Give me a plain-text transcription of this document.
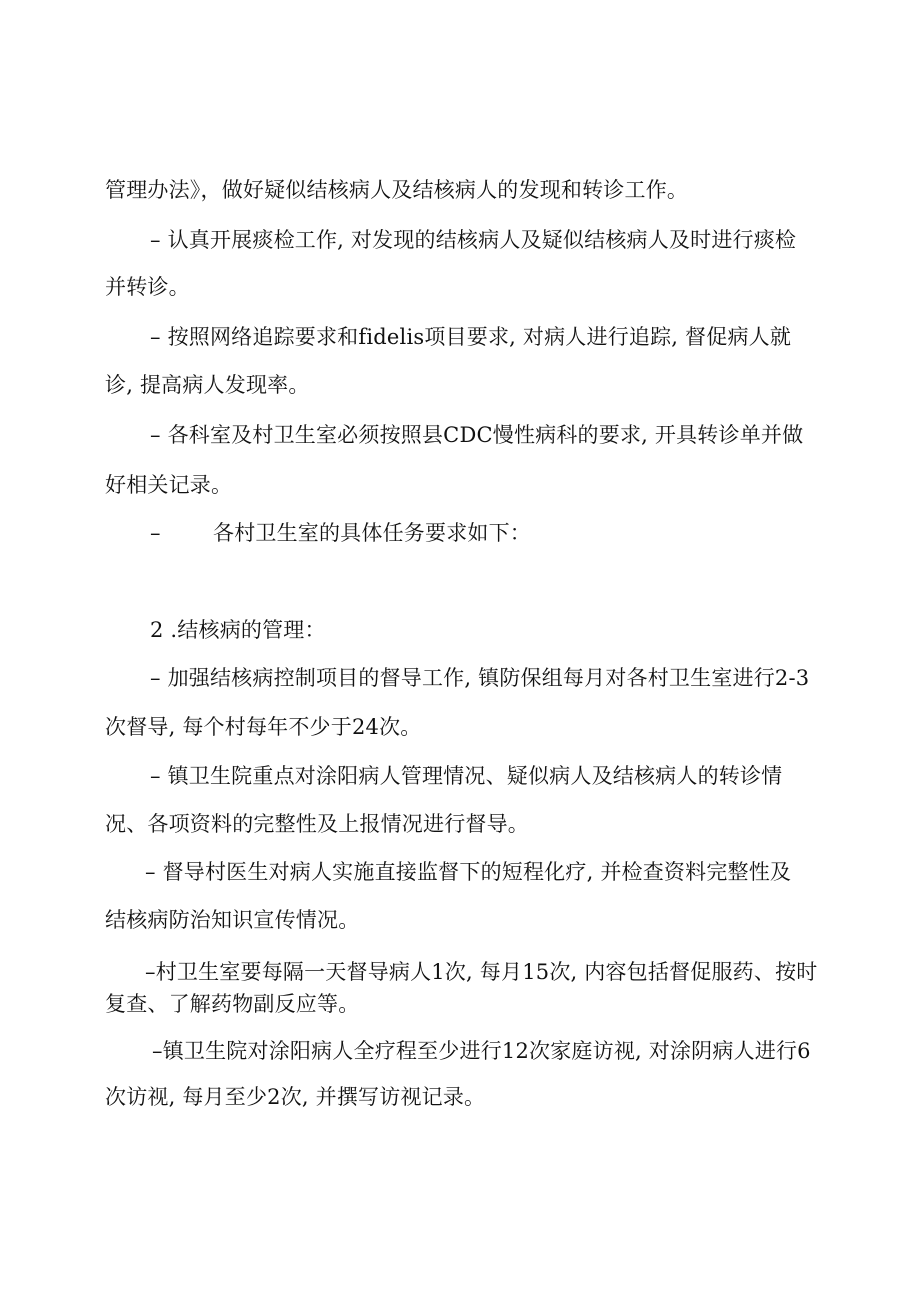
管理办法》，做好疑似结核病人及结核病人的发现和转诊工作。
– 认真开展痰检工作, 对发现的结核病人及疑似结核病人及时进行痰检
并转诊。
– 按照网络追踪要求和fidelis项目要求, 对病人进行追踪, 督促病人就
诊, 提高病人发现率。
– 各科室及村卫生室必须按照县CDC慢性病科的要求, 开具转诊单并做
好相关记录。
– 各村卫生室的具体任务要求如下：
2 .结核病的管理：
– 加强结核病控制项目的督导工作, 镇防保组每月对各村卫生室进行2-3
次督导, 每个村每年不少于24次。
– 镇卫生院重点对涂阳病人管理情况、疑似病人及结核病人的转诊情
况、各项资料的完整性及上报情况进行督导。
– 督导村医生对病人实施直接监督下的短程化疗, 并检查资料完整性及
结核病防治知识宣传情况。
–村卫生室要每隔一天督导病人1次, 每月15次, 内容包括督促服药、按时
复查、了解药物副反应等。
–镇卫生院对涂阳病人全疗程至少进行12次家庭访视, 对涂阴病人进行6
次访视, 每月至少2次, 并撰写访视记录。
